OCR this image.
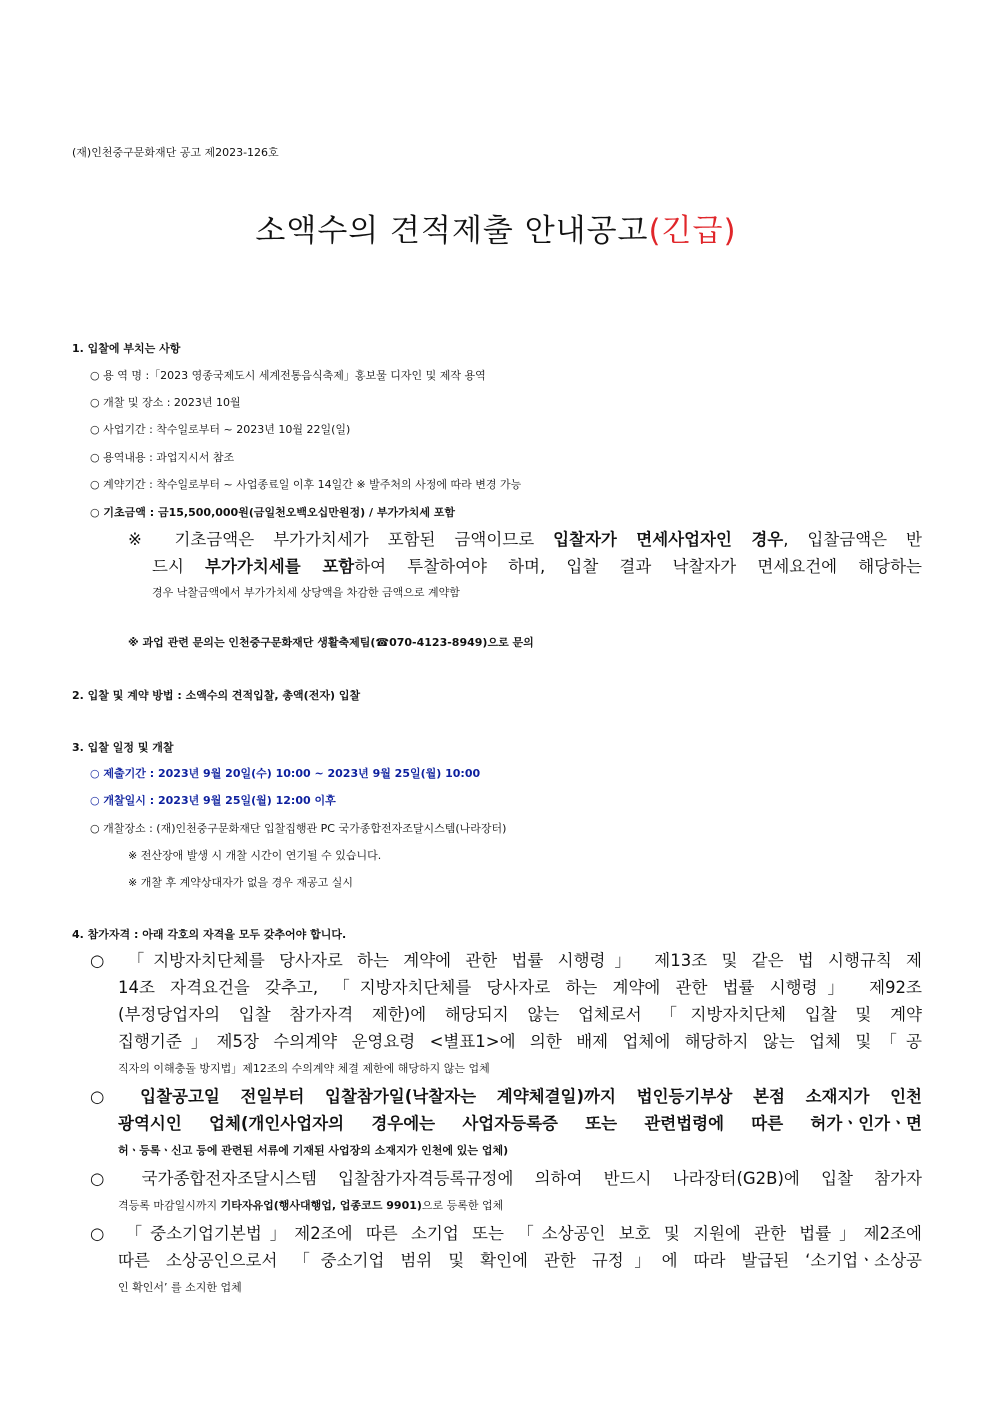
(재)인천중구문화재단 공고 제2023-126호
소액수의 견적제출 안내공고(긴급)
1. 입찰에 부치는 사항
○ 용 역 명 :「2023 영종국제도시 세계전통음식축제」홍보물 디자인 및 제작 용역
○ 개찰 및 장소 : 2023년 10월
○ 사업기간 : 착수일로부터 ~ 2023년 10월 22일(일)
○ 용역내용 : 과업지시서 참조
○ 계약기간 : 착수일로부터 ~ 사업종료일 이후 14일간 ※ 발주처의 사정에 따라 변경 가능
○ 기초금액 : 금15,500,000원(금일천오백오십만원정) / 부가가치세 포함
※ 기초금액은 부가가치세가 포함된 금액이므로 입찰자가 면세사업자인 경우, 입찰금액은 반
드시 부가가치세를 포함하여 투찰하여야 하며, 입찰 결과 낙찰자가 면세요건에 해당하는
경우 낙찰금액에서 부가가치세 상당액을 차감한 금액으로 계약함
※ 과업 관련 문의는 인천중구문화재단 생활축제팀(☎070-4123-8949)으로 문의
2. 입찰 및 계약 방법 : 소액수의 견적입찰, 총액(전자) 입찰
3. 입찰 일정 및 개찰
○ 제출기간 : 2023년 9월 20일(수) 10:00 ~ 2023년 9월 25일(월) 10:00
○ 개찰일시 : 2023년 9월 25일(월) 12:00 이후
○ 개찰장소 : (재)인천중구문화재단 입찰집행관 PC 국가종합전자조달시스템(나라장터)
※ 전산장애 발생 시 개찰 시간이 연기될 수 있습니다.
※ 개찰 후 계약상대자가 없을 경우 재공고 실시
4. 참가자격 : 아래 각호의 자격을 모두 갖추어야 합니다.
○ 「지방자치단체를 당사자로 하는 계약에 관한 법률 시행령」 제13조 및 같은 법 시행규칙 제
14조 자격요건을 갖추고, 「지방자치단체를 당사자로 하는 계약에 관한 법률 시행령」 제92조
(부정당업자의 입찰 참가자격 제한)에 해당되지 않는 업체로서 「지방자치단체 입찰 및 계약
집행기준」제5장 수의계약 운영요령 <별표1>에 의한 배제 업체에 해당하지 않는 업체 및「공
직자의 이해충돌 방지법」제12조의 수의계약 체결 제한에 해당하지 않는 업체
○ 입찰공고일 전일부터 입찰참가일(낙찰자는 계약체결일)까지 법인등기부상 본점 소재지가 인천
광역시인 업체(개인사업자의 경우에는 사업자등록증 또는 관련법령에 따른 허가ㆍ인가ㆍ면
허ㆍ등록ㆍ신고 등에 관련된 서류에 기재된 사업장의 소재지가 인천에 있는 업체)
○ 국가종합전자조달시스템 입찰참가자격등록규정에 의하여 반드시 나라장터(G2B)에 입찰 참가자
격등록 마감일시까지 기타자유업(행사대행업, 업종코드 9901)으로 등록한 업체
○ 「중소기업기본법」제2조에 따른 소기업 또는 「소상공인 보호 및 지원에 관한 법률」제2조에
따른 소상공인으로서 「중소기업 범위 및 확인에 관한 규정」에 따라 발급된 ‘소기업ㆍ소상공
인 확인서’ 를 소지한 업체
